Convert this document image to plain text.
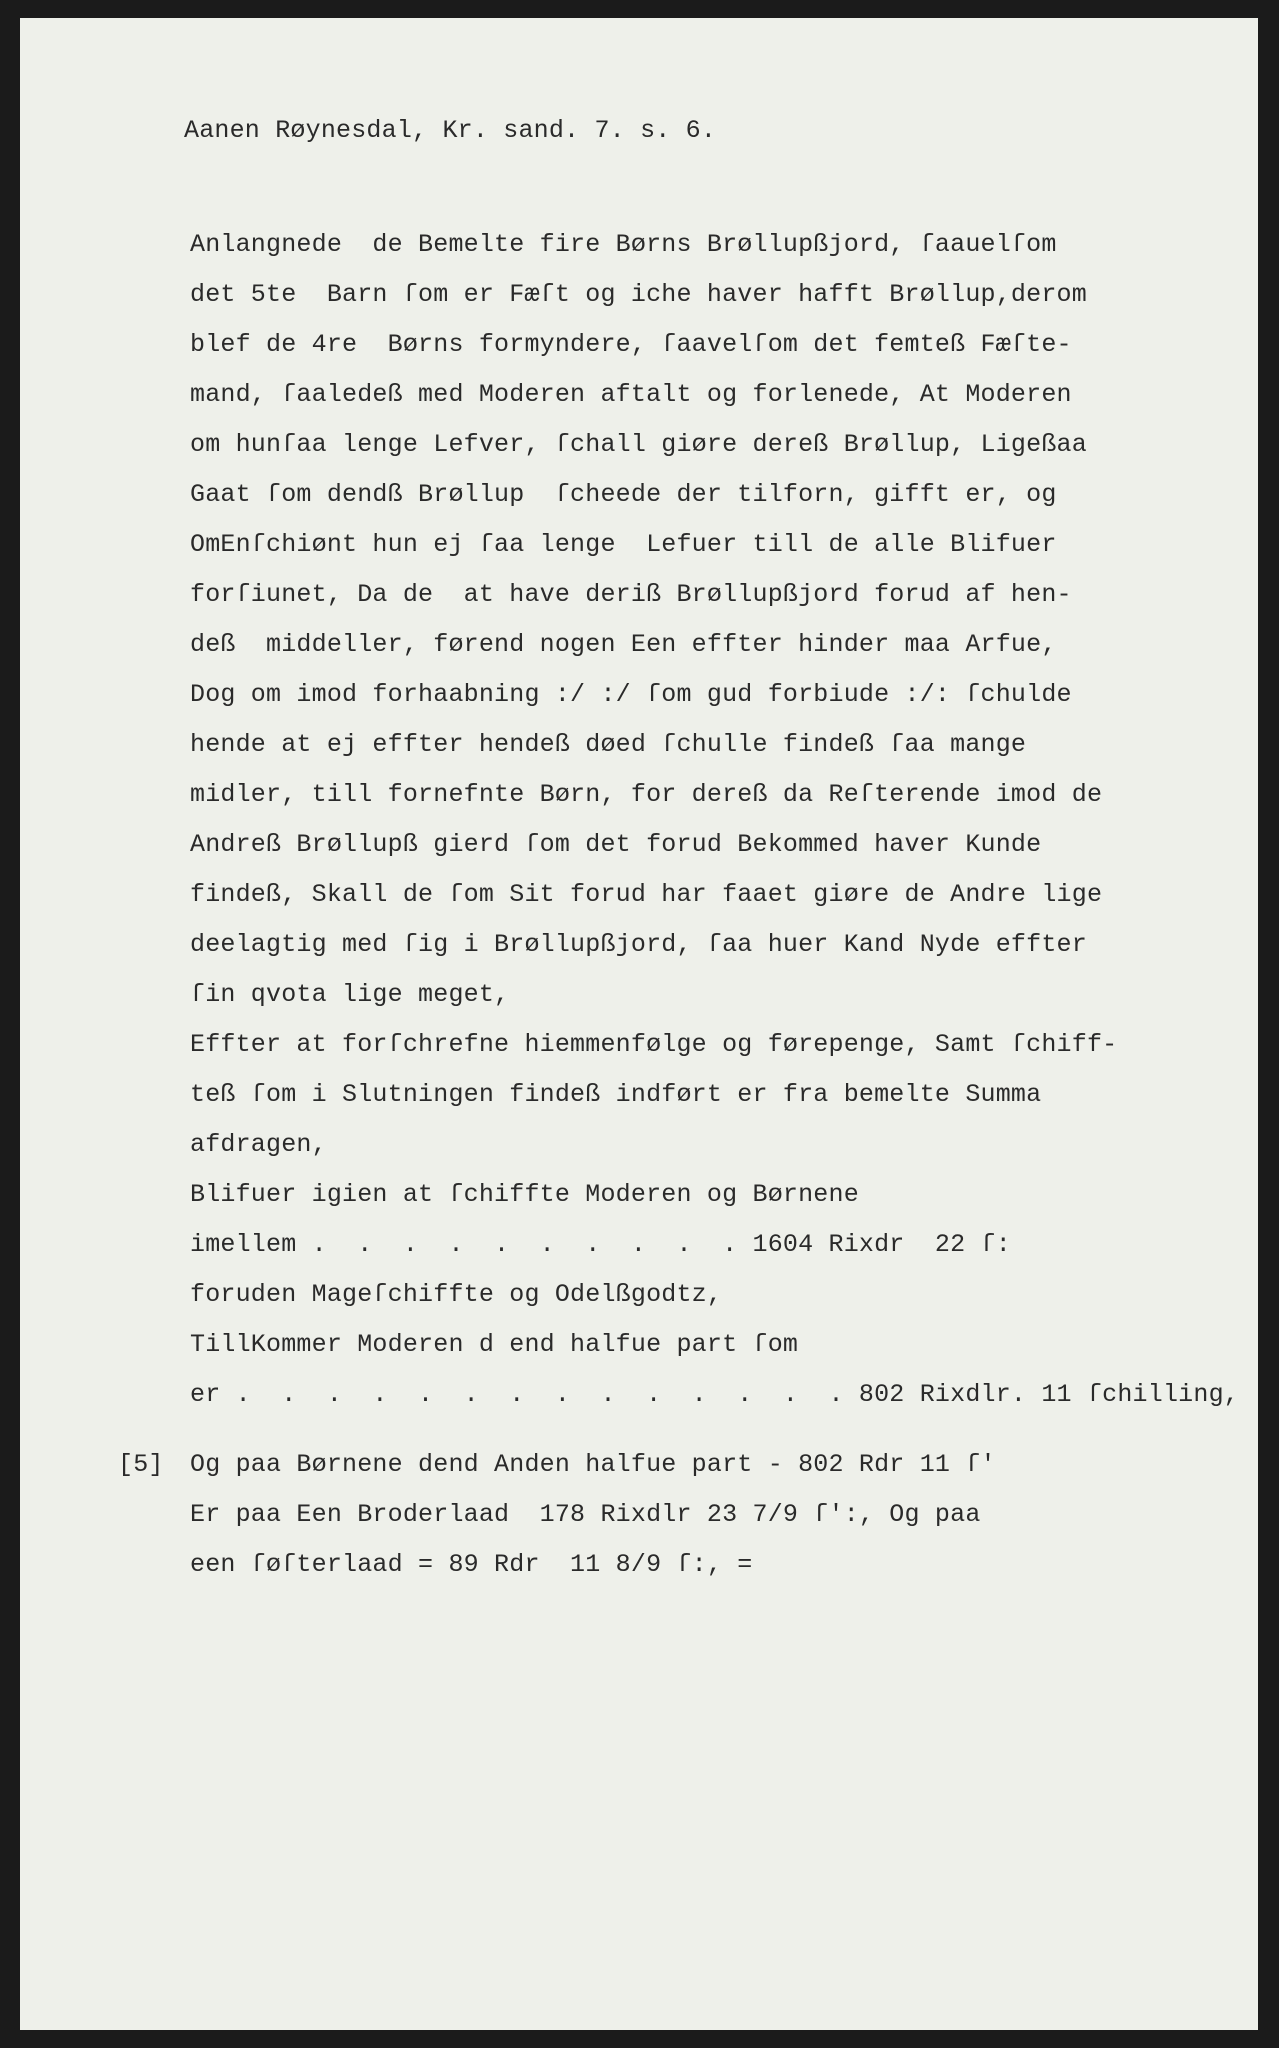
Aanen Røynesdal, Kr. sand. 7. s. 6.
Anlangnede  de Bemelte fire Børns Brøllupßjord, ſaauelſom
det 5te  Barn ſom er Fæſt og iche haver hafft Brøllup,derom
blef de 4re  Børns formyndere, ſaavelſom det femteß Fæſte-
mand, ſaaledeß med Moderen aftalt og forlenede, At Moderen
om hunſaa lenge Lefver, ſchall giøre dereß Brøllup, Ligeßaa
Gaat ſom dendß Brøllup  ſcheede der tilforn, gifft er, og
OmEnſchiønt hun ej ſaa lenge  Lefuer till de alle Blifuer
forſiunet, Da de  at have deriß Brøllupßjord forud af hen-
deß  middeller, førend nogen Een effter hinder maa Arfue,
Dog om imod forhaabning :/ :/ ſom gud forbiude :/: ſchulde
hende at ej effter hendeß døed ſchulle findeß ſaa mange
midler, till fornefnte Børn, for dereß da Reſterende imod de
Andreß Brøllupß gierd ſom det forud Bekommed haver Kunde
findeß, Skall de ſom Sit forud har faaet giøre de Andre lige
deelagtig med ſig i Brøllupßjord, ſaa huer Kand Nyde effter
ſin qvota lige meget,
Effter at forſchrefne hiemmenfølge og førepenge, Samt ſchiff-
teß ſom i Slutningen findeß indført er fra bemelte Summa
afdragen,
Blifuer igien at ſchiffte Moderen og Børnene
imellem .  .  .  .  .  .  .  .  .  . 1604 Rixdr  22 ſ:
foruden Mageſchiffte og Odelßgodtz,
TillKommer Moderen d end halfue part ſom
er .  .  .  .  .  .  .  .  .  .  .  .  .  . 802 Rixdlr. 11 ſchilling,
[5] Og paa Børnene dend Anden halfue part - 802 Rdr 11 ſ'
Er paa Een Broderlaad  178 Rixdlr 23 7/9 ſ':, Og paa
een ſøſterlaad = 89 Rdr  11 8/9 ſ:, =
